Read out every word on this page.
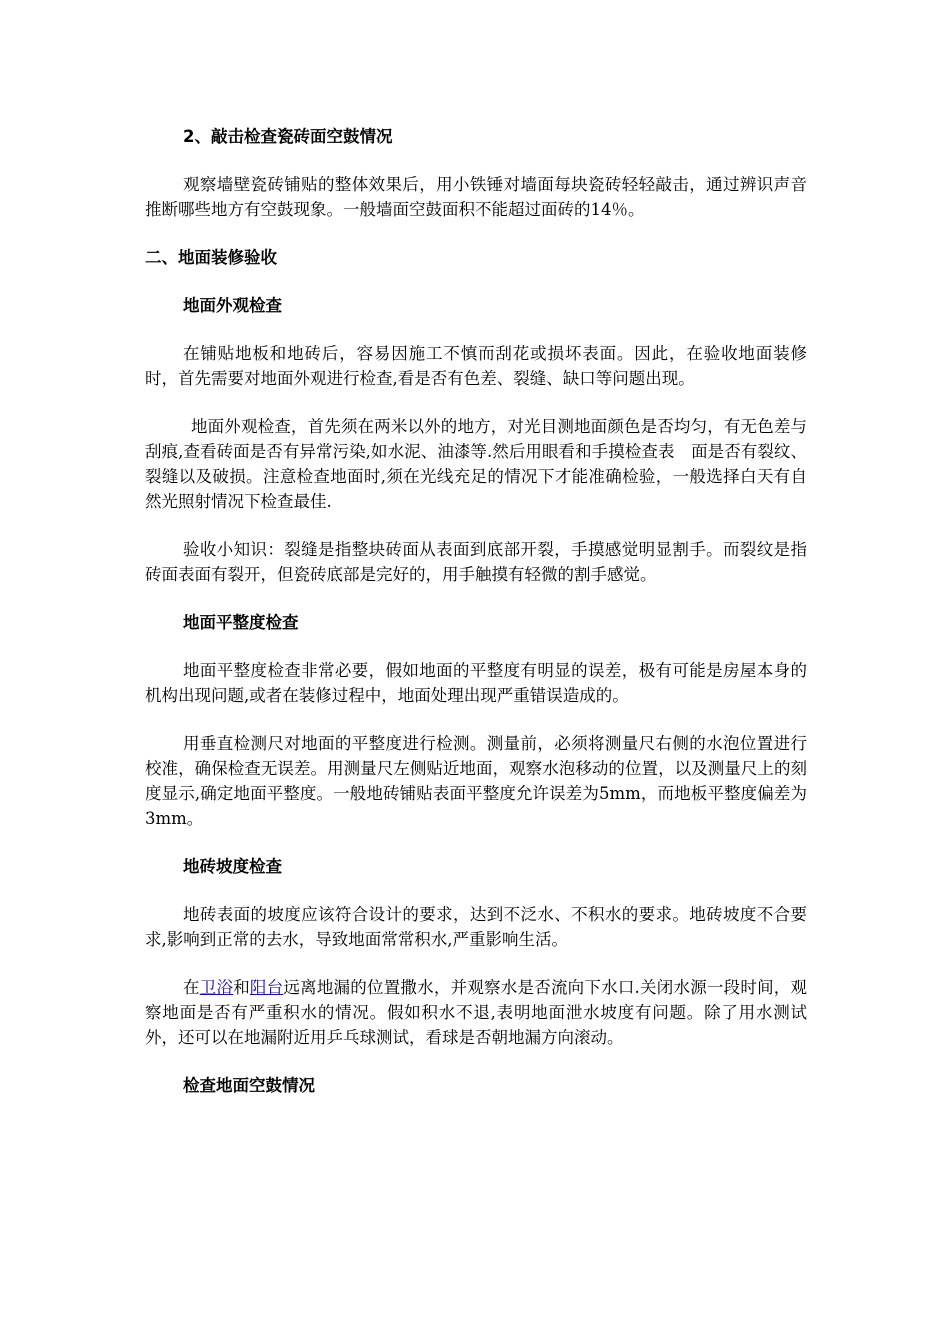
2、敲击检查瓷砖面空鼓情况

观察墙壁瓷砖铺贴的整体效果后，用小铁锤对墙面每块瓷砖轻轻敲击，通过辨识声音推断哪些地方有空鼓现象。一般墙面空鼓面积不能超过面砖的14％。

二、地面装修验收

地面外观检查

在铺贴地板和地砖后，容易因施工不慎而刮花或损坏表面。因此，在验收地面装修时，首先需要对地面外观进行检查,看是否有色差、裂缝、缺口等问题出现。

地面外观检查，首先须在两米以外的地方，对光目测地面颜色是否均匀，有无色差与刮痕,查看砖面是否有异常污染,如水泥、油漆等.然后用眼看和手摸检查表　面是否有裂纹、裂缝以及破损。注意检查地面时,须在光线充足的情况下才能准确检验，一般选择白天有自然光照射情况下检查最佳.

验收小知识：裂缝是指整块砖面从表面到底部开裂，手摸感觉明显割手。而裂纹是指砖面表面有裂开，但瓷砖底部是完好的，用手触摸有轻微的割手感觉。

地面平整度检查

地面平整度检查非常必要，假如地面的平整度有明显的误差，极有可能是房屋本身的机构出现问题,或者在装修过程中，地面处理出现严重错误造成的。

用垂直检测尺对地面的平整度进行检测。测量前，必须将测量尺右侧的水泡位置进行校准，确保检查无误差。用测量尺左侧贴近地面，观察水泡移动的位置，以及测量尺上的刻度显示,确定地面平整度。一般地砖铺贴表面平整度允许误差为5mm，而地板平整度偏差为3mm。

地砖坡度检查

地砖表面的坡度应该符合设计的要求，达到不泛水、不积水的要求。地砖坡度不合要求,影响到正常的去水，导致地面常常积水,严重影响生活。

在卫浴和阳台远离地漏的位置撒水，并观察水是否流向下水口.关闭水源一段时间，观察地面是否有严重积水的情况。假如积水不退,表明地面泄水坡度有问题。除了用水测试外，还可以在地漏附近用乒乓球测试，看球是否朝地漏方向滚动。

检查地面空鼓情况
